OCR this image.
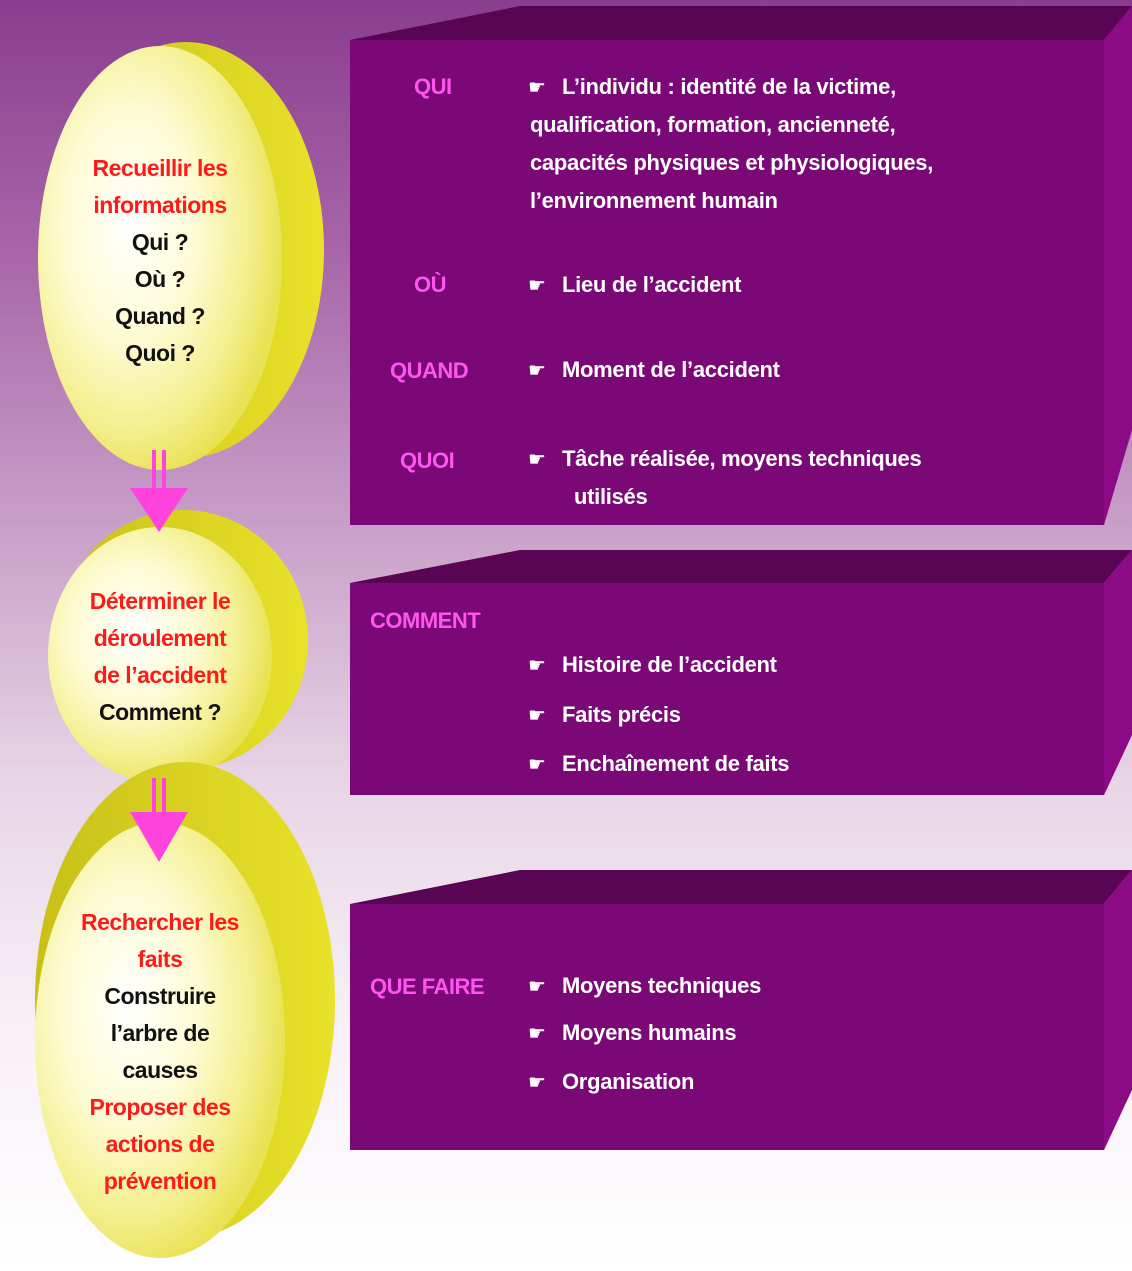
Recueillir les
informations
Qui ?
Où ?
Quand ?
Quoi ?
Déterminer le
déroulement
de l’accident
Comment ?
Rechercher les
faits
Construire
l’arbre de
causes
Proposer des
actions de
prévention
QUI	☛ L’individu : identité de la victime,
qualification, formation, ancienneté,
capacités physiques et physiologiques,
l’environnement humain
OÙ	☛ Lieu de l’accident
QUAND	☛ Moment de l’accident
QUOI	☛ Tâche réalisée, moyens techniques
utilisés
COMMENT
☛ Histoire de l’accident
☛ Faits précis
☛ Enchaînement de faits
QUE FAIRE ☛ Moyens techniques
☛ Moyens humains
☛ Organisation
